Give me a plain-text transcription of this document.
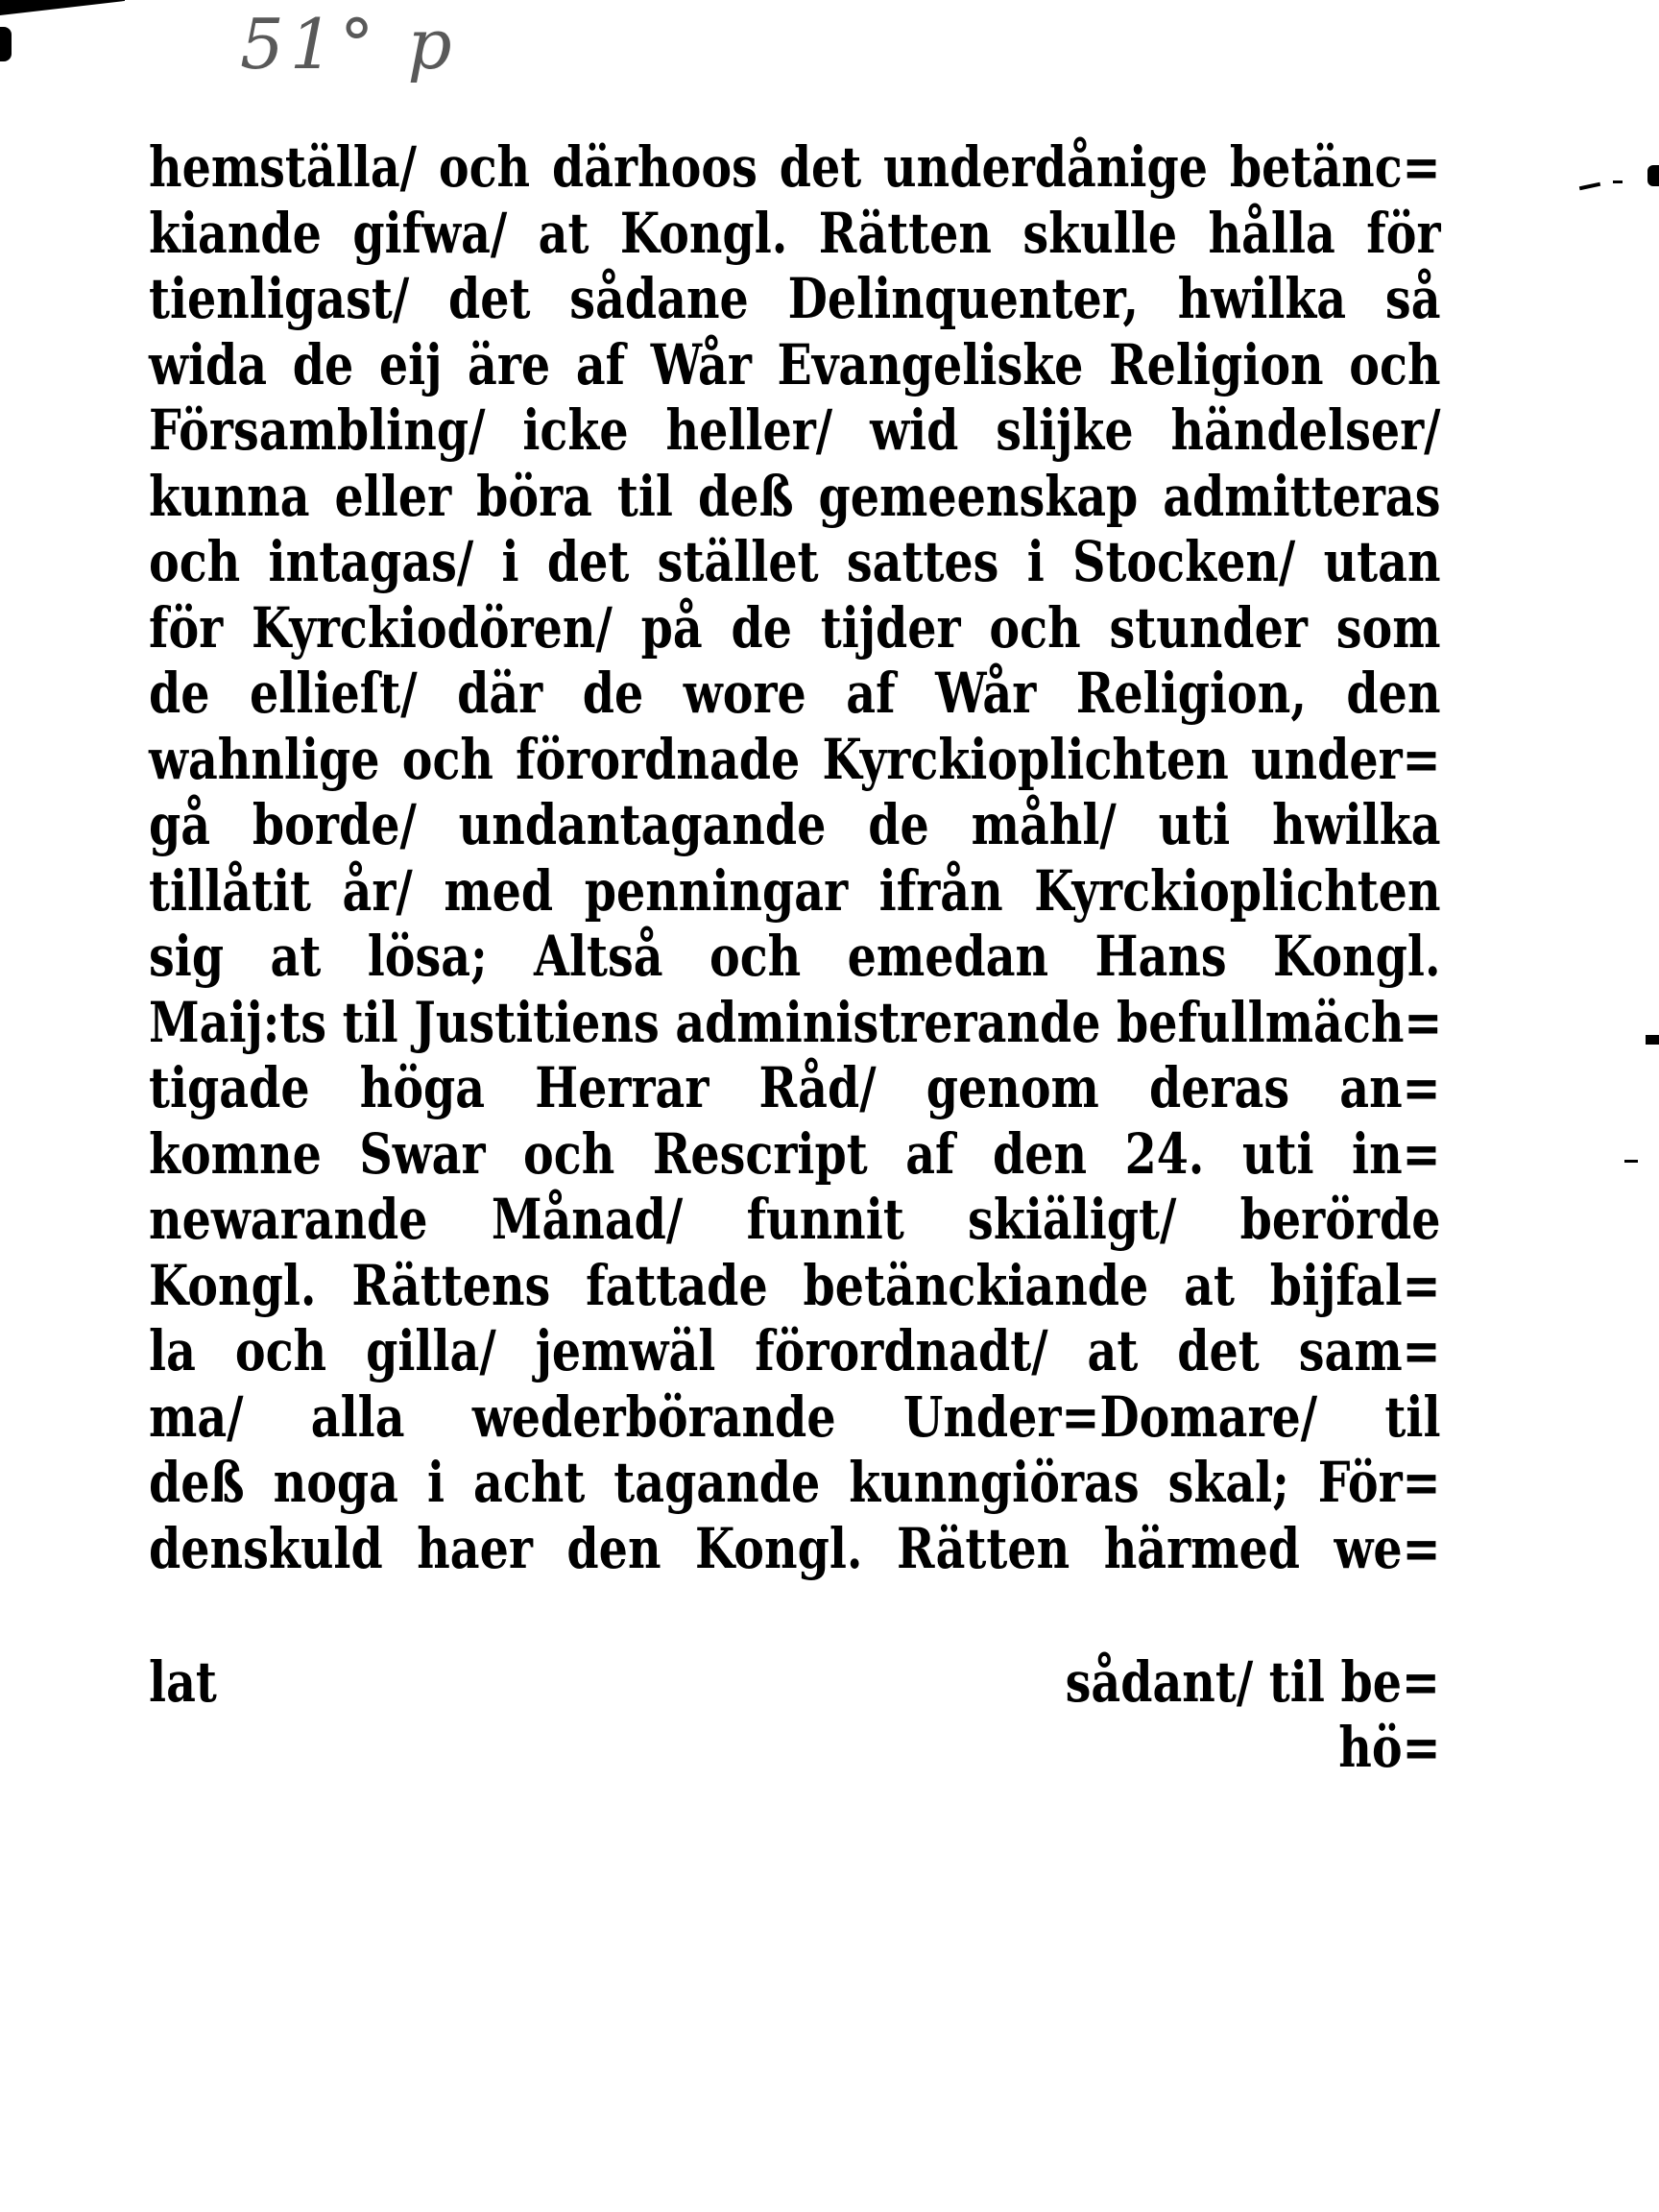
51° p
hemställa/ och därhoos det underdånige betänc=
kiande gifwa/ at Kongl. Rätten skulle hålla för
tienligast/ det sådane Delinquenter, hwilka så
wida de eij äre af Wår Evangeliske Religion och
Försambling/ icke heller/ wid slijke händelser/
kunna eller böra til deß gemeenskap admitteras
och intagas/ i det stället sattes i Stocken/ utan
för Kyrckiodören/ på de tijder och stunder som
de ellieſt/ där de wore af Wår Religion, den
wahnlige och förordnade Kyrckioplichten under=
gå borde/ undantagande de måhl/ uti hwilka
tillåtit år/ med penningar ifrån Kyrckioplichten
sig at lösa; Altså och emedan Hans Kongl.
Maij:ts til Justitiens administrerande befullmäch=
tigade höga Herrar Råd/ genom deras an=
komne Swar och Rescript af den 24. uti in=
newarande Månad/ funnit skiäligt/ berörde
Kongl. Rättens fattade betänckiande at bijfal=
la och gilla/ jemwäl förordnadt/ at det sam=
ma/ alla wederbörande Under=Domare/ til
deß noga i acht tagande kunngiöras skal; För=
denskuld haer den Kongl. Rätten härmed we=
lat	sådant/ til be=
hö=
